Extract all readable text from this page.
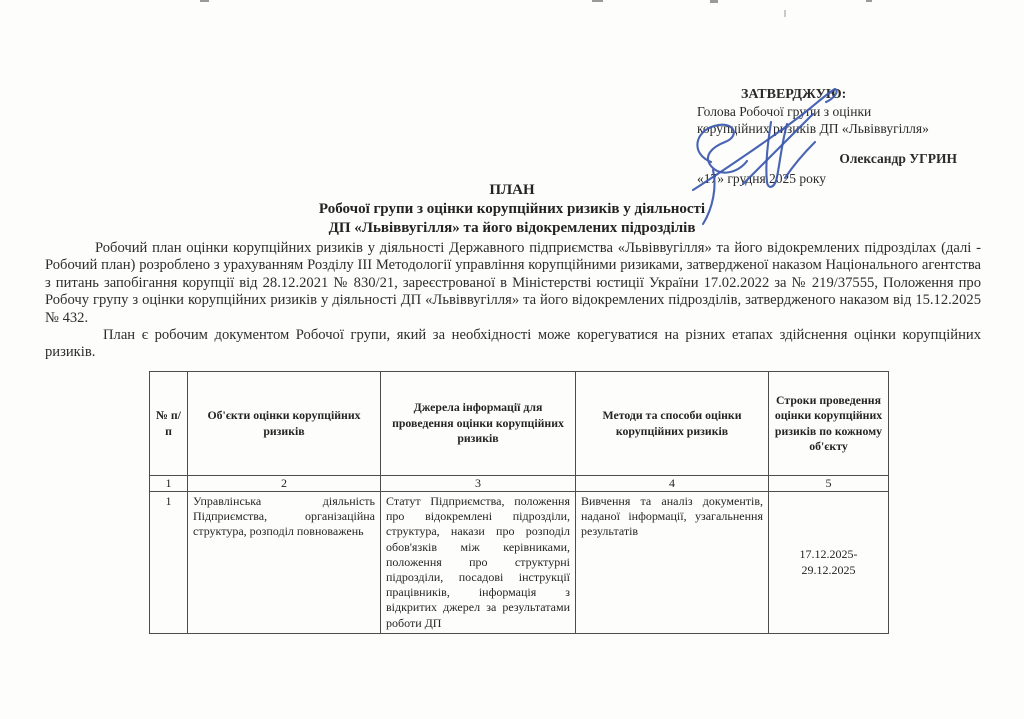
ЗАТВЕРДЖУЮ:
Голова Робочої групи з оцінки
корупційних ризиків ДП «Львіввугілля»
Олександр УГРИН
«17» грудня 2025 року
ПЛАН
Робочої групи з оцінки корупційних ризиків у діяльності
ДП «Львіввугілля» та його відокремлених підрозділів

Робочий план оцінки корупційних ризиків у діяльності Державного підприємства «Львіввугілля» та його відокремлених підрозділах (далі - Робочий план) розроблено з урахуванням Розділу III Методології управління корупційними ризиками, затвердженої наказом Національного агентства з питань запобігання корупції від 28.12.2021 № 830/21, зареєстрованої в Міністерстві юстиції України 17.02.2022 за № 219/37555, Положення про Робочу групу з оцінки корупційних ризиків у діяльності ДП «Львіввугілля» та його відокремлених підрозділів, затвердженого наказом від 15.12.2025 № 432.

План є робочим документом Робочої групи, який за необхідності може корегуватися на різних етапах здійснення оцінки корупційних ризиків.

№ п/п	Об'єкти оцінки корупційних ризиків	Джерела інформації для проведення оцінки корупційних ризиків	Методи та способи оцінки корупційних ризиків	Строки проведення оцінки корупційних ризиків по кожному об'єкту
1	2	3	4	5
1	Управлінська діяльність Підприємства, організаційна структура, розподіл повноважень	Статут Підприємства, положення про відокремлені підрозділи, структура, накази про розподіл обов'язків між керівниками, положення про структурні підрозділи, посадові інструкції працівників, інформація з відкритих джерел за результатами роботи ДП	Вивчення та аналіз документів, наданої інформації, узагальнення результатів	17.12.2025- 29.12.2025
